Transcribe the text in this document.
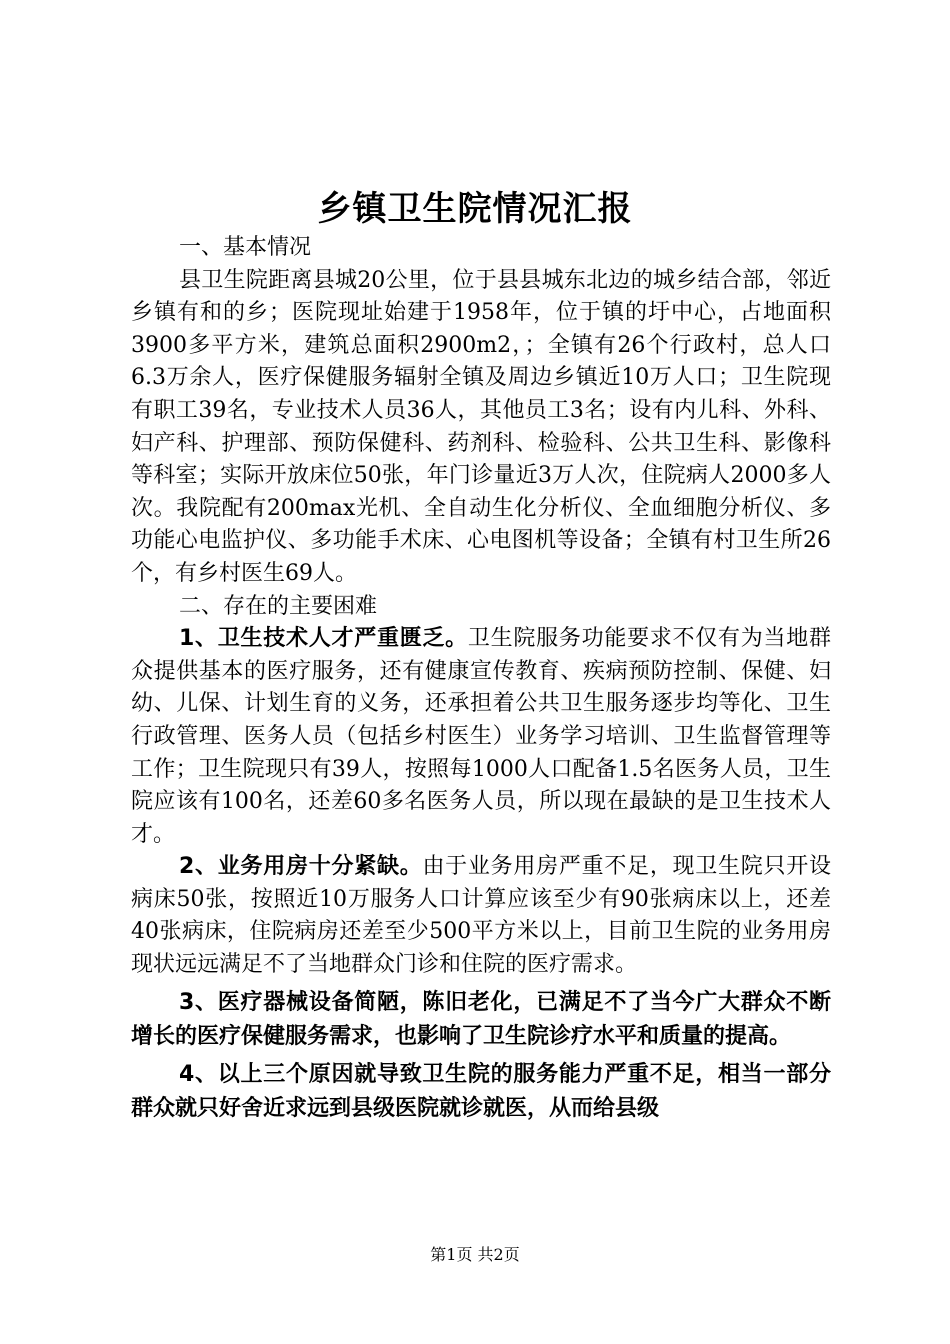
乡镇卫生院情况汇报

一、基本情况

县卫生院距离县城20公里，位于县县城东北边的城乡结合部，邻近乡镇有和的乡；医院现址始建于1958年，位于镇的圩中心，占地面积3900多平方米，建筑总面积2900m2，；全镇有26个行政村，总人口6.3万余人，医疗保健服务辐射全镇及周边乡镇近10万人口；卫生院现有职工39名，专业技术人员36人，其他员工3名；设有内儿科、外科、妇产科、护理部、预防保健科、药剂科、检验科、公共卫生科、影像科等科室；实际开放床位50张，年门诊量近3万人次，住院病人2000多人次。我院配有200max光机、全自动生化分析仪、全血细胞分析仪、多功能心电监护仪、多功能手术床、心电图机等设备；全镇有村卫生所26个，有乡村医生69人。

二、存在的主要困难

1、卫生技术人才严重匮乏。卫生院服务功能要求不仅有为当地群众提供基本的医疗服务，还有健康宣传教育、疾病预防控制、保健、妇幼、儿保、计划生育的义务，还承担着公共卫生服务逐步均等化、卫生行政管理、医务人员（包括乡村医生）业务学习培训、卫生监督管理等工作；卫生院现只有39人，按照每1000人口配备1.5名医务人员，卫生院应该有100名，还差60多名医务人员，所以现在最缺的是卫生技术人才。

2、业务用房十分紧缺。由于业务用房严重不足，现卫生院只开设病床50张，按照近10万服务人口计算应该至少有90张病床以上，还差40张病床，住院病房还差至少500平方米以上，目前卫生院的业务用房现状远远满足不了当地群众门诊和住院的医疗需求。

3、医疗器械设备简陋，陈旧老化，已满足不了当今广大群众不断增长的医疗保健服务需求，也影响了卫生院诊疗水平和质量的提高。

4、以上三个原因就导致卫生院的服务能力严重不足，相当一部分群众就只好舍近求远到县级医院就诊就医，从而给县级

第1页 共2页
